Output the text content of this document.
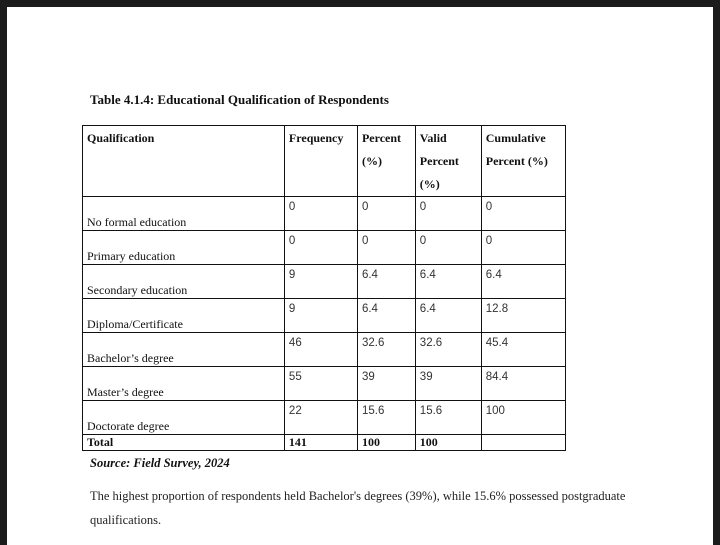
Table 4.1.4: Educational Qualification of Respondents
Qualification	Frequency	Percent (%)	Valid Percent (%)	Cumulative Percent (%)
No formal education	0	0	0	0
Primary education	0	0	0	0
Secondary education	9	6.4	6.4	6.4
Diploma/Certificate	9	6.4	6.4	12.8
Bachelor’s degree	46	32.6	32.6	45.4
Master’s degree	55	39	39	84.4
Doctorate degree	22	15.6	15.6	100
Total	141	100	100	
Source: Field Survey, 2024
The highest proportion of respondents held Bachelor's degrees (39%), while 15.6% possessed postgraduate qualifications.
